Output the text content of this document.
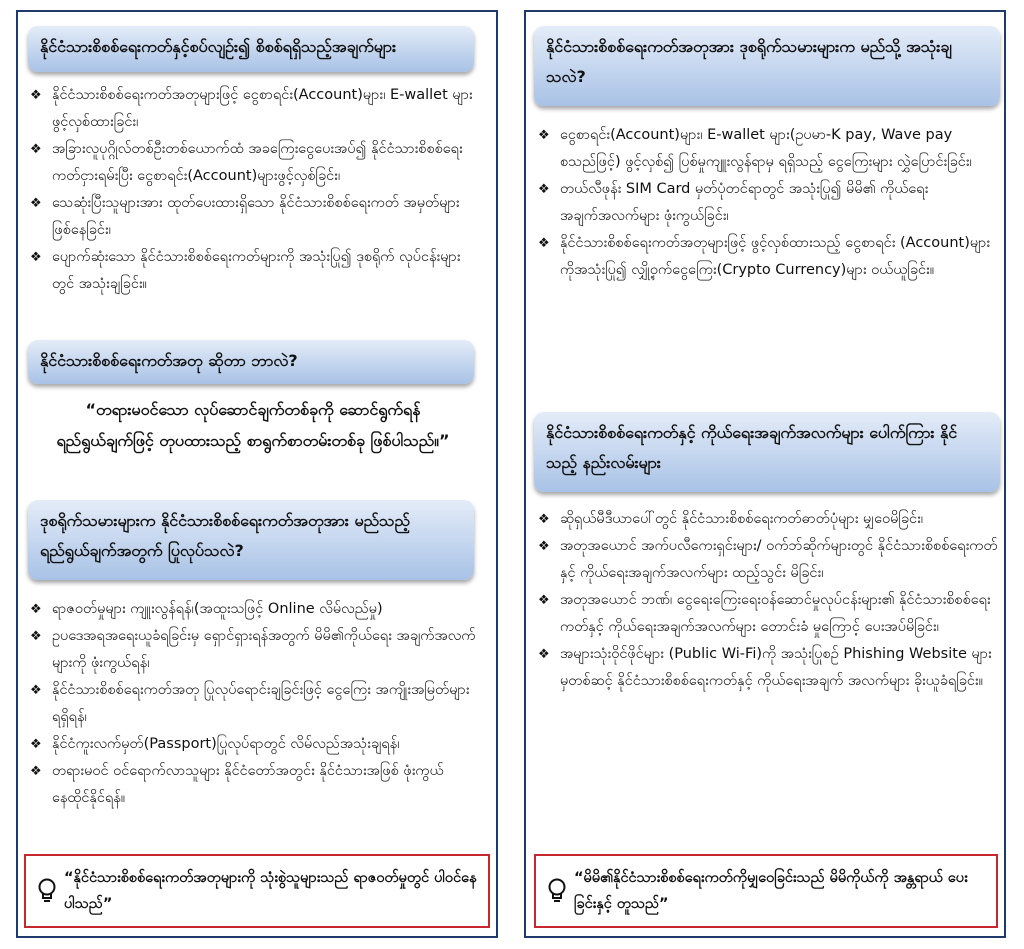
နိုင်ငံသားစိစစ်ရေးကတ်နှင့်စပ်လျဥ်း၍ စိစစ်ရရှိသည့်အချက်များ
❖ နိုင်ငံသားစိစစ်ရေးကတ်အတုများဖြင့် ငွေစာရင်း(Account)များ၊ E-wallet များ ဖွင့်လှစ်ထားခြင်း၊
❖ အခြားလူပုဂ္ဂိုလ်တစ်ဦးတစ်ယောက်ထံ အခကြေးငွေပေးအပ်၍ နိုင်ငံသားစိစစ်ရေးကတ်ငှားရမ်းပြီး ငွေစာရင်း(Account)များဖွင့်လှစ်ခြင်း၊
❖ သေဆုံးပြီးသူများအား ထုတ်ပေးထားရှိသော နိုင်ငံသားစိစစ်ရေးကတ် အမှတ်များဖြစ်နေခြင်း၊
❖ ပျောက်ဆုံးသော နိုင်ငံသားစိစစ်ရေးကတ်များကို အသုံးပြု၍ ဒုစရိုက် လုပ်ငန်းများတွင် အသုံးချခြင်း။
နိုင်ငံသားစိစစ်ရေးကတ်အတု ဆိုတာ ဘာလဲ?
“တရားမဝင်သော လုပ်ဆောင်ချက်တစ်ခုကို ဆောင်ရွက်ရန် ရည်ရွယ်ချက်ဖြင့် တုပထားသည့် စာရွက်စာတမ်းတစ်ခု ဖြစ်ပါသည်။”
ဒုစရိုက်သမားများက နိုင်ငံသားစိစစ်ရေးကတ်အတုအား မည်သည့် ရည်ရွယ်ချက်အတွက် ပြုလုပ်သလဲ?
❖ ရာဇဝတ်မှုများ ကျူးလွန်ရန်၊(အထူးသဖြင့် Online လိမ်လည်မှု)
❖ ဥပဒေအရအရေးယူခံရခြင်းမှ ရှောင်ရှားရန်အတွက် မိမိ၏ကိုယ်ရေး အချက်အလက်များကို ဖုံးကွယ်ရန်၊
❖ နိုင်ငံသားစိစစ်ရေးကတ်အတု ပြုလုပ်ရောင်းချခြင်းဖြင့် ငွေကြေး အကျိုးအမြတ်များရရှိရန်၊
❖ နိုင်ငံကူးလက်မှတ်(Passport)ပြုလုပ်ရာတွင် လိမ်လည်အသုံးချရန်၊
❖ တရားမဝင် ဝင်ရောက်လာသူများ နိုင်ငံတော်အတွင်း နိုင်ငံသားအဖြစ် ဖုံးကွယ်နေထိုင်နိုင်ရန်။
“နိုင်ငံသားစိစစ်ရေးကတ်အတုများကို သုံးစွဲသူများသည် ရာဇဝတ်မှုတွင် ပါဝင်နေပါသည်”
နိုင်ငံသားစိစစ်ရေးကတ်အတုအား ဒုစရိုက်သမားများက မည်သို့ အသုံးချသလဲ?
❖ ငွေစာရင်း(Account)များ၊ E-wallet များ(ဥပမာ-K pay, Wave pay စသည်ဖြင့်) ဖွင့်လှစ်၍ ပြစ်မှုကျူးလွန်ရာမှ ရရှိသည့် ငွေကြေးများ လွှဲပြောင်းခြင်း၊
❖ တယ်လီဖုန်း SIM Card မှတ်ပုံတင်ရာတွင် အသုံးပြု၍ မိမိ၏ ကိုယ်ရေးအချက်အလက်များ ဖုံးကွယ်ခြင်း၊
❖ နိုင်ငံသားစိစစ်ရေးကတ်အတုများဖြင့် ဖွင့်လှစ်ထားသည့် ငွေစာရင်း (Account)များကိုအသုံးပြု၍ လျှို့ဝှက်ငွေကြေး(Crypto Currency)များ ဝယ်ယူခြင်း။
နိုင်ငံသားစိစစ်ရေးကတ်နှင့် ကိုယ်ရေးအချက်အလက်များ ပေါက်ကြား နိုင်သည့် နည်းလမ်းများ
❖ ဆိုရှယ်မီဒီယာပေါ်တွင် နိုင်ငံသားစိစစ်ရေးကတ်ဓာတ်ပုံများ မျှဝေမိခြင်း၊
❖ အတုအယောင် အက်ပလီကေးရှင်းများ/ ဝက်ဘ်ဆိုက်များတွင် နိုင်ငံသားစိစစ်ရေးကတ်နှင့် ကိုယ်ရေးအချက်အလက်များ ထည့်သွင်း မိခြင်း၊
❖ အတုအယောင် ဘဏ်၊ ငွေရေးကြေးရေးဝန်ဆောင်မှုလုပ်ငန်းများ၏ နိုင်ငံသားစိစစ်ရေးကတ်နှင့် ကိုယ်ရေးအချက်အလက်များ တောင်းခံ မှုကြောင့် ပေးအပ်မိခြင်း၊
❖ အများသုံးဝိုင်ဖိုင်များ (Public Wi-Fi)ကို အသုံးပြုစဉ် Phishing Website များမှတစ်ဆင့် နိုင်ငံသားစိစစ်ရေးကတ်နှင့် ကိုယ်ရေးအချက် အလက်များ ခိုးယူခံရခြင်း။
“မိမိ၏နိုင်ငံသားစိစစ်ရေးကတ်ကိုမျှဝေခြင်းသည် မိမိကိုယ်ကို အန္တရာယ် ပေးခြင်းနှင့် တူသည်”
